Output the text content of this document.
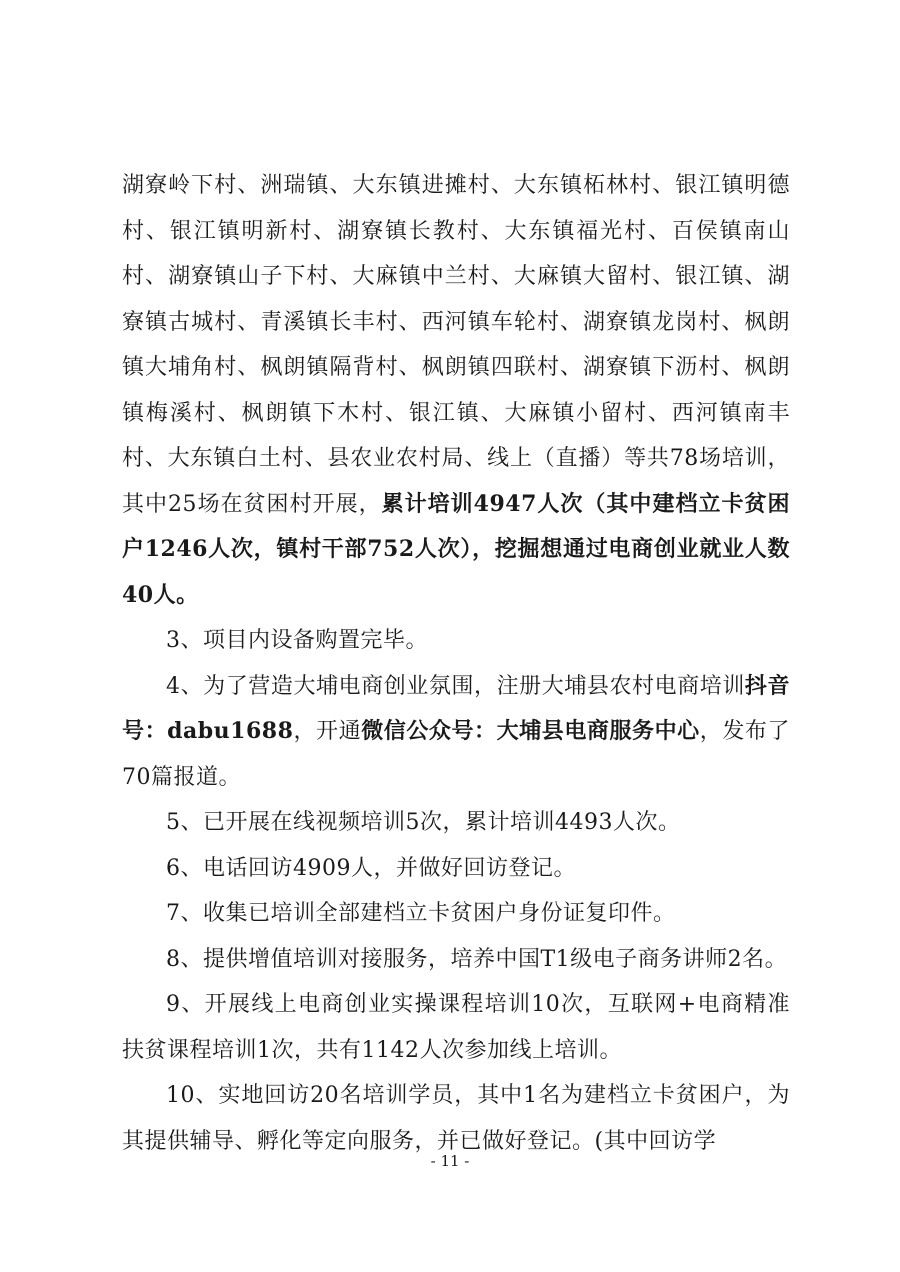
湖寮岭下村、洲瑞镇、大东镇进摊村、大东镇柘林村、银江镇明德村、银江镇明新村、湖寮镇长教村、大东镇福光村、百侯镇南山村、湖寮镇山子下村、大麻镇中兰村、大麻镇大留村、银江镇、湖寮镇古城村、青溪镇长丰村、西河镇车轮村、湖寮镇龙岗村、枫朗镇大埔角村、枫朗镇隔背村、枫朗镇四联村、湖寮镇下沥村、枫朗镇梅溪村、枫朗镇下木村、银江镇、大麻镇小留村、西河镇南丰村、大东镇白土村、县农业农村局、线上（直播）等共78场培训，其中25场在贫困村开展，累计培训4947人次（其中建档立卡贫困户1246人次，镇村干部752人次），挖掘想通过电商创业就业人数40人。

3、项目内设备购置完毕。

4、为了营造大埔电商创业氛围，注册大埔县农村电商培训抖音号：dabu1688，开通微信公众号：大埔县电商服务中心，发布了70篇报道。

5、已开展在线视频培训5次，累计培训4493人次。

6、电话回访4909人，并做好回访登记。

7、收集已培训全部建档立卡贫困户身份证复印件。

8、提供增值培训对接服务，培养中国T1级电子商务讲师2名。

9、开展线上电商创业实操课程培训10次，互联网+电商精准扶贫课程培训1次，共有1142人次参加线上培训。

10、实地回访20名培训学员，其中1名为建档立卡贫困户，为其提供辅导、孵化等定向服务，并已做好登记。(其中回访学

- 11 -
